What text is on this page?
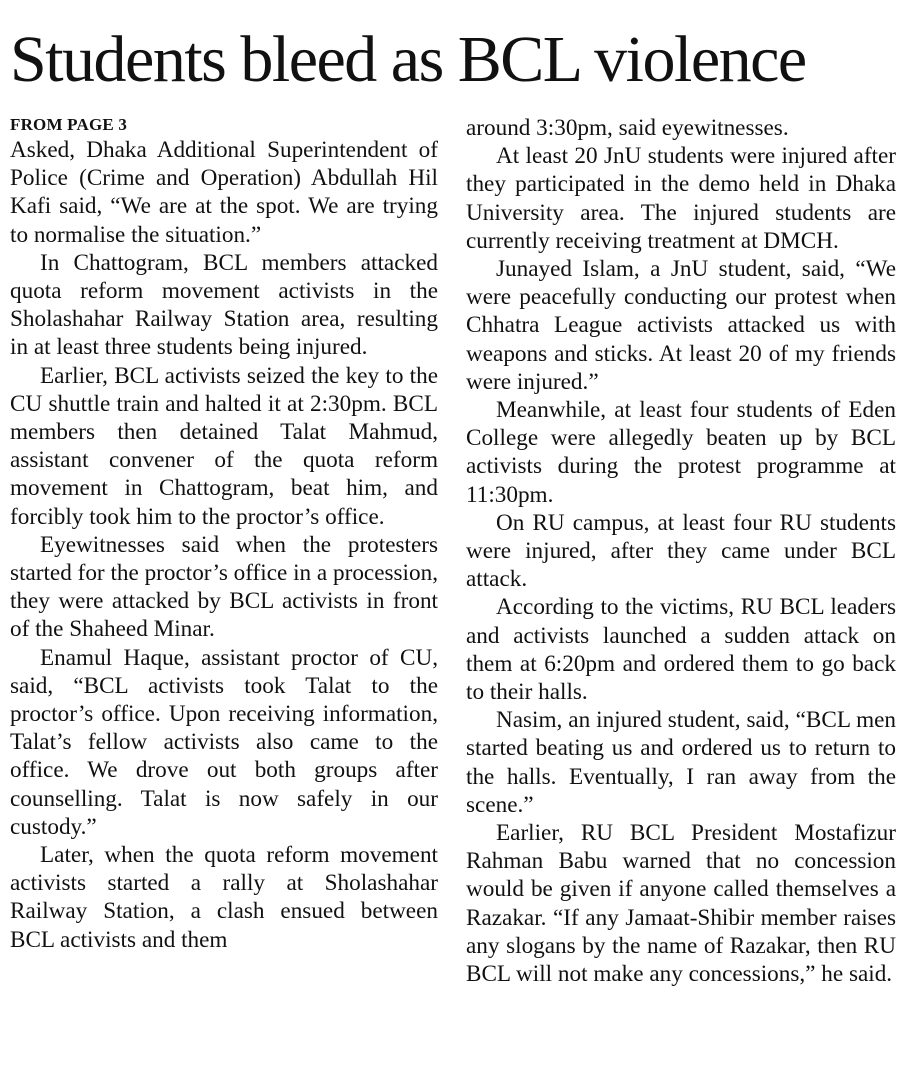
Students bleed as BCL violence
FROM PAGE 3

Asked, Dhaka Additional Superintendent of Police (Crime and Operation) Abdullah Hil Kafi said, “We are at the spot. We are trying to normalise the situation.”

In Chattogram, BCL members attacked quota reform movement activists in the Sholashahar Railway Station area, resulting in at least three students being injured.

Earlier, BCL activists seized the key to the CU shuttle train and halted it at 2:30pm. BCL members then detained Talat Mahmud, assistant convener of the quota reform movement in Chattogram, beat him, and forcibly took him to the proctor’s office.

Eyewitnesses said when the protesters started for the proctor’s office in a procession, they were attacked by BCL activists in front of the Shaheed Minar.

Enamul Haque, assistant proctor of CU, said, “BCL activists took Talat to the proctor’s office. Upon receiving information, Talat’s fellow activists also came to the office. We drove out both groups after counselling. Talat is now safely in our custody.”

Later, when the quota reform movement activists started a rally at Sholashahar Railway Station, a clash ensued between BCL activists and them

around 3:30pm, said eyewitnesses.

At least 20 JnU students were injured after they participated in the demo held in Dhaka University area. The injured students are currently receiving treatment at DMCH.

Junayed Islam, a JnU student, said, “We were peacefully conducting our protest when Chhatra League activists attacked us with weapons and sticks. At least 20 of my friends were injured.”

Meanwhile, at least four students of Eden College were allegedly beaten up by BCL activists during the protest programme at 11:30pm.

On RU campus, at least four RU students were injured, after they came under BCL attack.

According to the victims, RU BCL leaders and activists launched a sudden attack on them at 6:20pm and ordered them to go back to their halls.

Nasim, an injured student, said, “BCL men started beating us and ordered us to return to the halls. Eventually, I ran away from the scene.”

Earlier, RU BCL President Mostafizur Rahman Babu warned that no concession would be given if anyone called themselves a Razakar. “If any Jamaat-Shibir member raises any slogans by the name of Razakar, then RU BCL will not make any concessions,” he said.
